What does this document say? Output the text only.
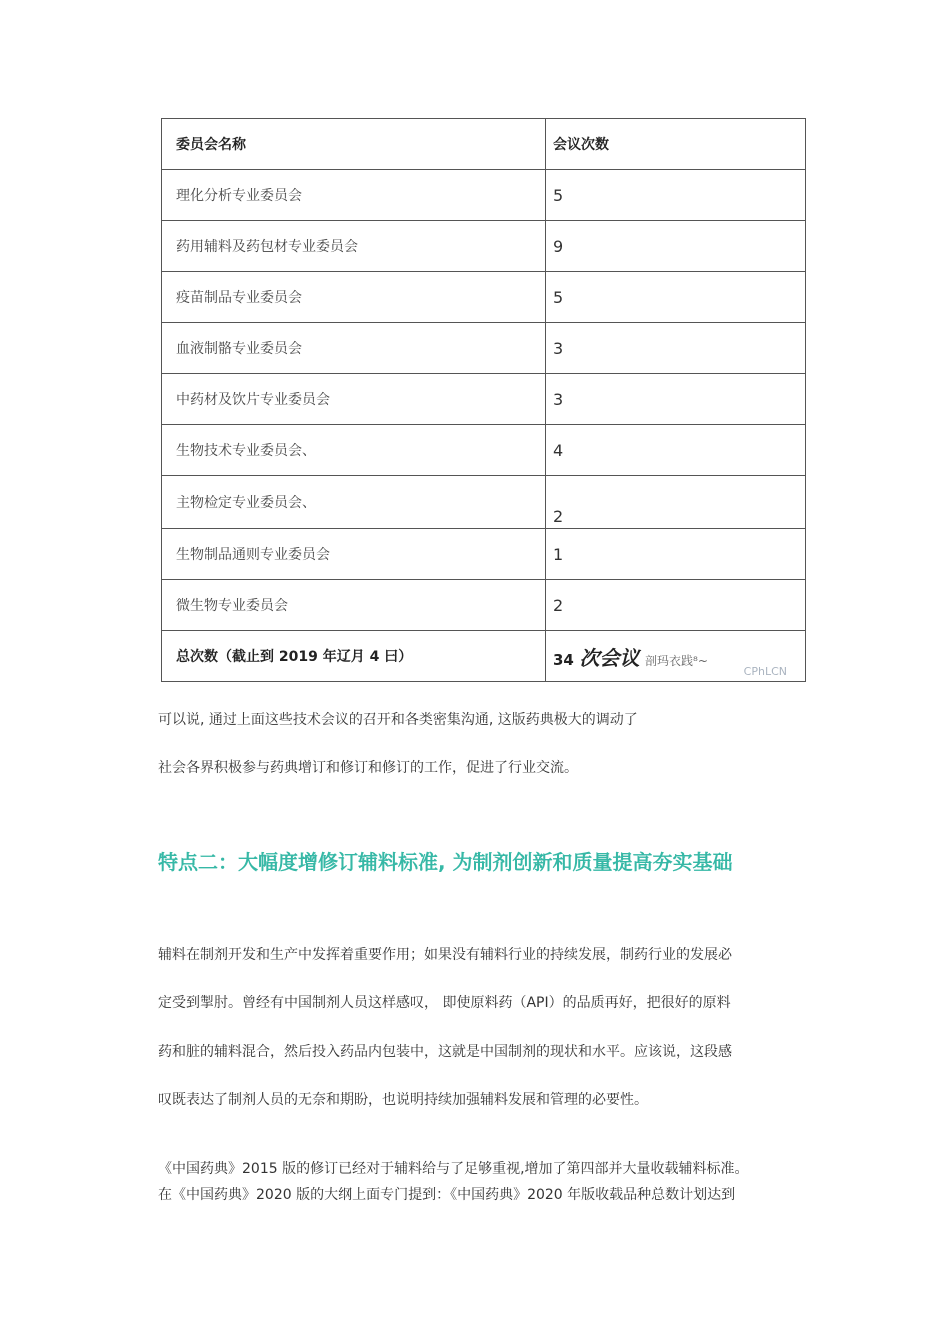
委员会名称	会议次数
理化分析专业委员会	5
药用辅料及药包材专业委员会	9
疫苗制品专业委员会	5
血液制骼专业委员会	3
中药材及饮片专业委员会	3
生物技术专业委员会、	4
主物检定专业委员会、	2
生物制品通则专业委员会	1
微生物专业委员会	2
总次数（截止到 2019 年辽月 4 曰）	34 次会议 剖玛衣践⁸~
CPhLCN
可以说, 通过上面这些技术会议的召开和各类密集沟通, 这版药典极大的调动了
社会各界积极参与药典增订和修订和修订的工作，促进了行业交流。
特点二：大幅度增修订辅料标准, 为制剂创新和质量提高夯实基础
辅料在制剂开发和生产中发挥着重要作用；如果没有辅料行业的持续发展，制药行业的发展必
定受到掣肘。曾经有中国制剂人员这样感叹， 即使原料药（API）的品质再好，把很好的原料
药和脏的辅料混合，然后投入药品内包装中，这就是中国制剂的现状和水平。应该说，这段感
叹既表达了制剂人员的无奈和期盼，也说明持续加强辅料发展和管理的必要性。
《中国药典》2015 版的修订已经对于辅料给与了足够重视,增加了第四部并大量收载辅料标准。
在《中国药典》2020 版的大纲上面专门提到：《中国药典》2020 年版收载品种总数计划达到
